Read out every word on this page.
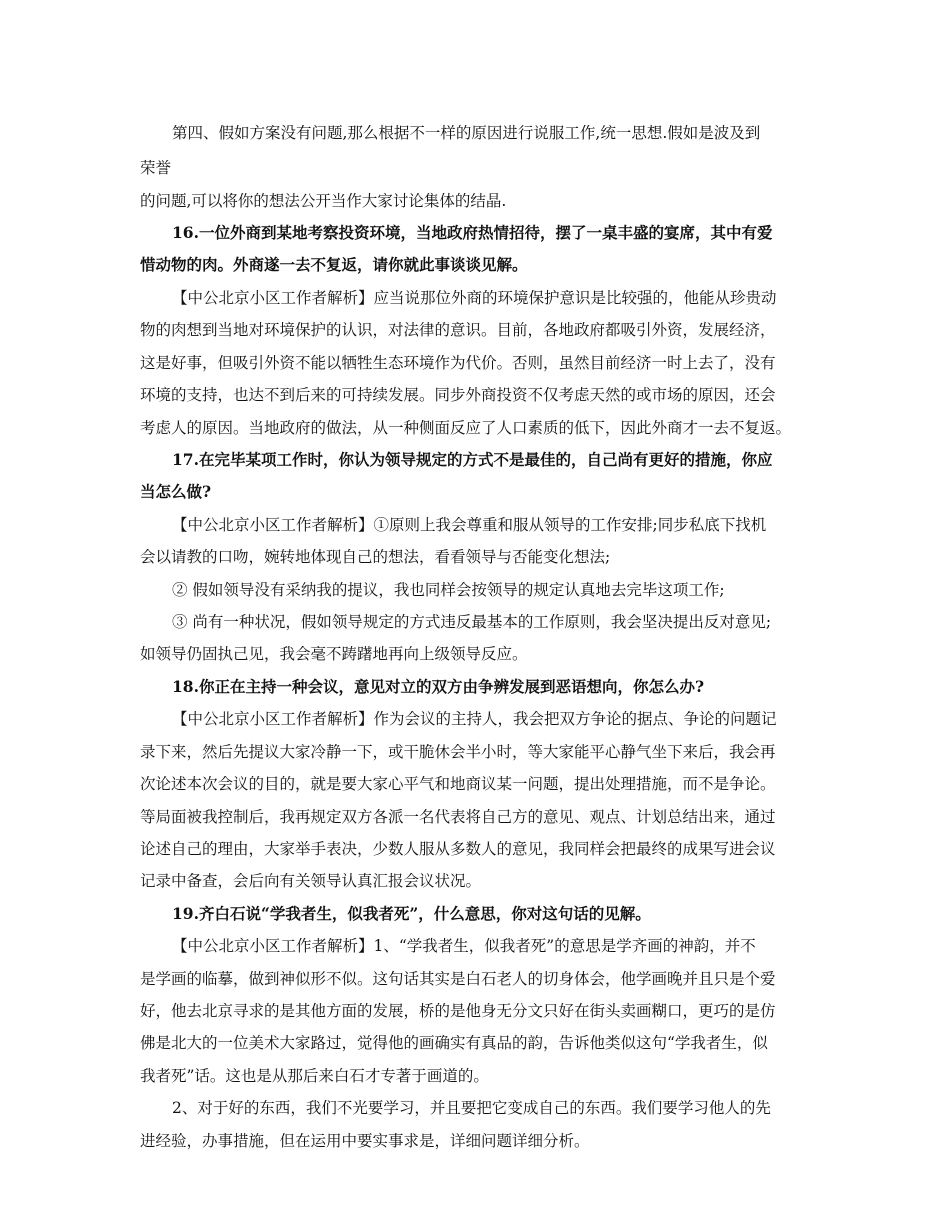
第四、假如方案没有问题,那么根据不一样的原因进行说服工作,统一思想.假如是波及到
荣誉
的问题,可以将你的想法公开当作大家讨论集体的结晶.
16.一位外商到某地考察投资环境，当地政府热情招待，摆了一桌丰盛的宴席，其中有爱
惜动物的肉。外商遂一去不复返，请你就此事谈谈见解。
【中公北京小区工作者解析】应当说那位外商的环境保护意识是比较强的，他能从珍贵动
物的肉想到当地对环境保护的认识，对法律的意识。目前，各地政府都吸引外资，发展经济，
这是好事，但吸引外资不能以牺牲生态环境作为代价。否则，虽然目前经济一时上去了，没有
环境的支持，也达不到后来的可持续发展。同步外商投资不仅考虑天然的或市场的原因，还会
考虑人的原因。当地政府的做法，从一种侧面反应了人口素质的低下，因此外商才一去不复返。
17.在完毕某项工作时，你认为领导规定的方式不是最佳的，自己尚有更好的措施，你应
当怎么做?
【中公北京小区工作者解析】①原则上我会尊重和服从领导的工作安排;同步私底下找机
会以请教的口吻，婉转地体现自己的想法，看看领导与否能变化想法;
② 假如领导没有采纳我的提议，我也同样会按领导的规定认真地去完毕这项工作;
③ 尚有一种状况，假如领导规定的方式违反最基本的工作原则，我会坚决提出反对意见;
如领导仍固执己见，我会毫不踌躇地再向上级领导反应。
18.你正在主持一种会议，意见对立的双方由争辨发展到恶语想向，你怎么办?
【中公北京小区工作者解析】作为会议的主持人，我会把双方争论的据点、争论的问题记
录下来，然后先提议大家冷静一下，或干脆休会半小时，等大家能平心静气坐下来后，我会再
次论述本次会议的目的，就是要大家心平气和地商议某一问题，提出处理措施，而不是争论。
等局面被我控制后，我再规定双方各派一名代表将自己方的意见、观点、计划总结出来，通过
论述自己的理由，大家举手表决，少数人服从多数人的意见，我同样会把最终的成果写进会议
记录中备查，会后向有关领导认真汇报会议状况。
19.齐白石说“学我者生，似我者死”，什么意思，你对这句话的见解。
【中公北京小区工作者解析】1、“学我者生，似我者死”的意思是学齐画的神韵，并不
是学画的临摹，做到神似形不似。这句话其实是白石老人的切身体会，他学画晚并且只是个爱
好，他去北京寻求的是其他方面的发展，桥的是他身无分文只好在街头卖画糊口，更巧的是仿
佛是北大的一位美术大家路过，觉得他的画确实有真品的韵，告诉他类似这句“学我者生，似
我者死”话。这也是从那后来白石才专著于画道的。
2、对于好的东西，我们不光要学习，并且要把它变成自己的东西。我们要学习他人的先
进经验，办事措施，但在运用中要实事求是，详细问题详细分析。
